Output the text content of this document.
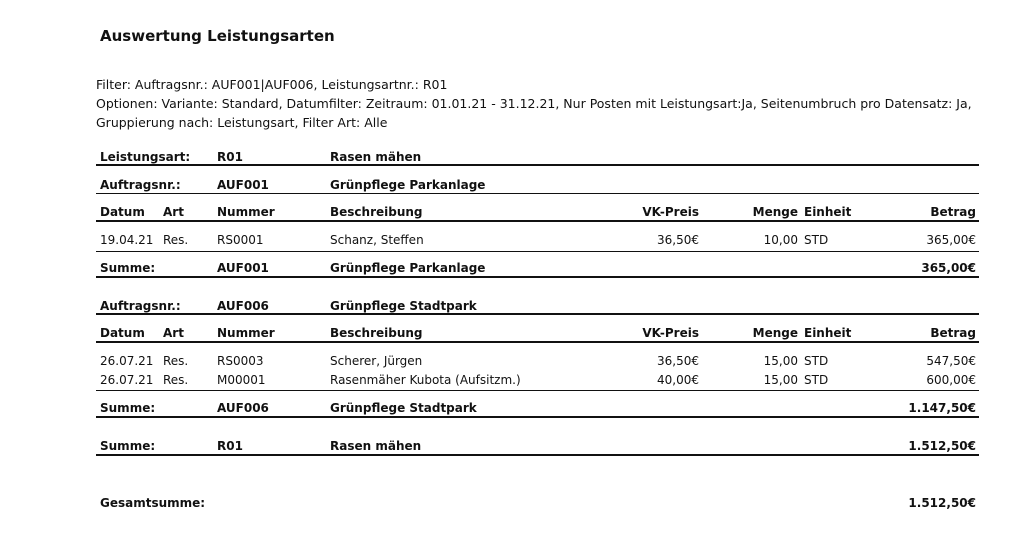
Auswertung Leistungsarten
Filter: Auftragsnr.: AUF001|AUF006, Leistungsartnr.: R01
Optionen: Variante: Standard, Datumfilter: Zeitraum: 01.01.21 - 31.12.21, Nur Posten mit Leistungsart:Ja, Seitenumbruch pro Datensatz: Ja,
Gruppierung nach: Leistungsart, Filter Art: Alle
Leistungsart: R01	Rasen mähen
Auftragsnr.:	AUF001	Grünpflege Parkanlage
Datum Art	Nummer	Beschreibung	VK-Preis	Menge Einheit	Betrag
19.04.21 Res. RS0001	Schanz, Steffen	36,50€	10,00 STD	365,00€
Summe:	AUF001	Grünpflege Parkanlage	365,00€
Auftragsnr.:	AUF006	Grünpflege Stadtpark
Datum Art	Nummer	Beschreibung	VK-Preis	Menge Einheit	Betrag
26.07.21 Res. RS0003	Scherer, Jürgen	36,50€	15,00 STD	547,50€
26.07.21 Res. M00001	Rasenmäher Kubota (Aufsitzm.)	40,00€	15,00 STD	600,00€
Summe:	AUF006	Grünpflege Stadtpark	1.147,50€
Summe:	R01	Rasen mähen	1.512,50€
Gesamtsumme:	1.512,50€
